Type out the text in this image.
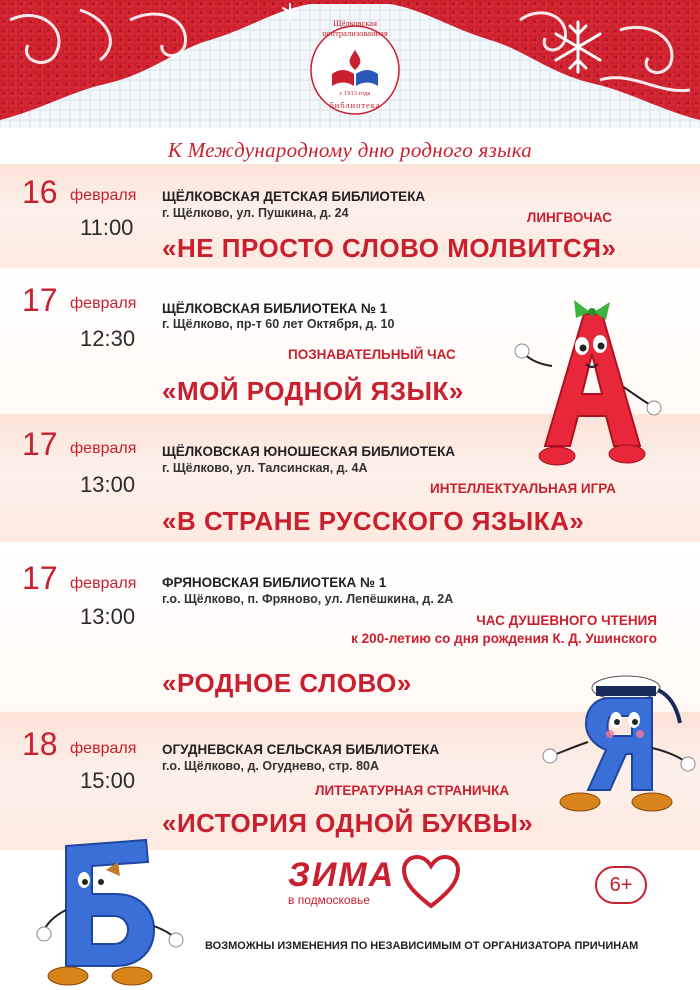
Щёлковская централизованная
с 1913 года
библиотека
К Международному дню родного языка
16 февраля
11:00
ЩЁЛКОВСКАЯ ДЕТСКАЯ БИБЛИОТЕКА
г. Щёлково, ул. Пушкина, д. 24	ЛИНГВОЧАС
«НЕ ПРОСТО СЛОВО МОЛВИТСЯ»
17 февраля
12:30
ЩЁЛКОВСКАЯ БИБЛИОТЕКА № 1
г. Щёлково, пр-т 60 лет Октября, д. 10
ПОЗНАВАТЕЛЬНЫЙ ЧАС
«МОЙ РОДНОЙ ЯЗЫК»
17 февраля
13:00
ЩЁЛКОВСКАЯ ЮНОШЕСКАЯ БИБЛИОТЕКА
г. Щёлково, ул. Талсинская, д. 4А
ИНТЕЛЛЕКТУАЛЬНАЯ ИГРА
«В СТРАНЕ РУССКОГО ЯЗЫКА»
17 февраля
13:00
ФРЯНОВСКАЯ БИБЛИОТЕКА № 1
г.о. Щёлково, п. Фряново, ул. Лепёшкина, д. 2А
ЧАС ДУШЕВНОГО ЧТЕНИЯ
к 200-летию со дня рождения К. Д. Ушинского
«РОДНОЕ СЛОВО»
18 февраля
15:00
ОГУДНЕВСКАЯ СЕЛЬСКАЯ БИБЛИОТЕКА
г.о. Щёлково, д. Огуднево, стр. 80А
ЛИТЕРАТУРНАЯ СТРАНИЧКА
«ИСТОРИЯ ОДНОЙ БУКВЫ»
ЗИМА
в подмосковье
6+
ВОЗМОЖНЫ ИЗМЕНЕНИЯ ПО НЕЗАВИСИМЫМ ОТ ОРГАНИЗАТОРА ПРИЧИНАМ
